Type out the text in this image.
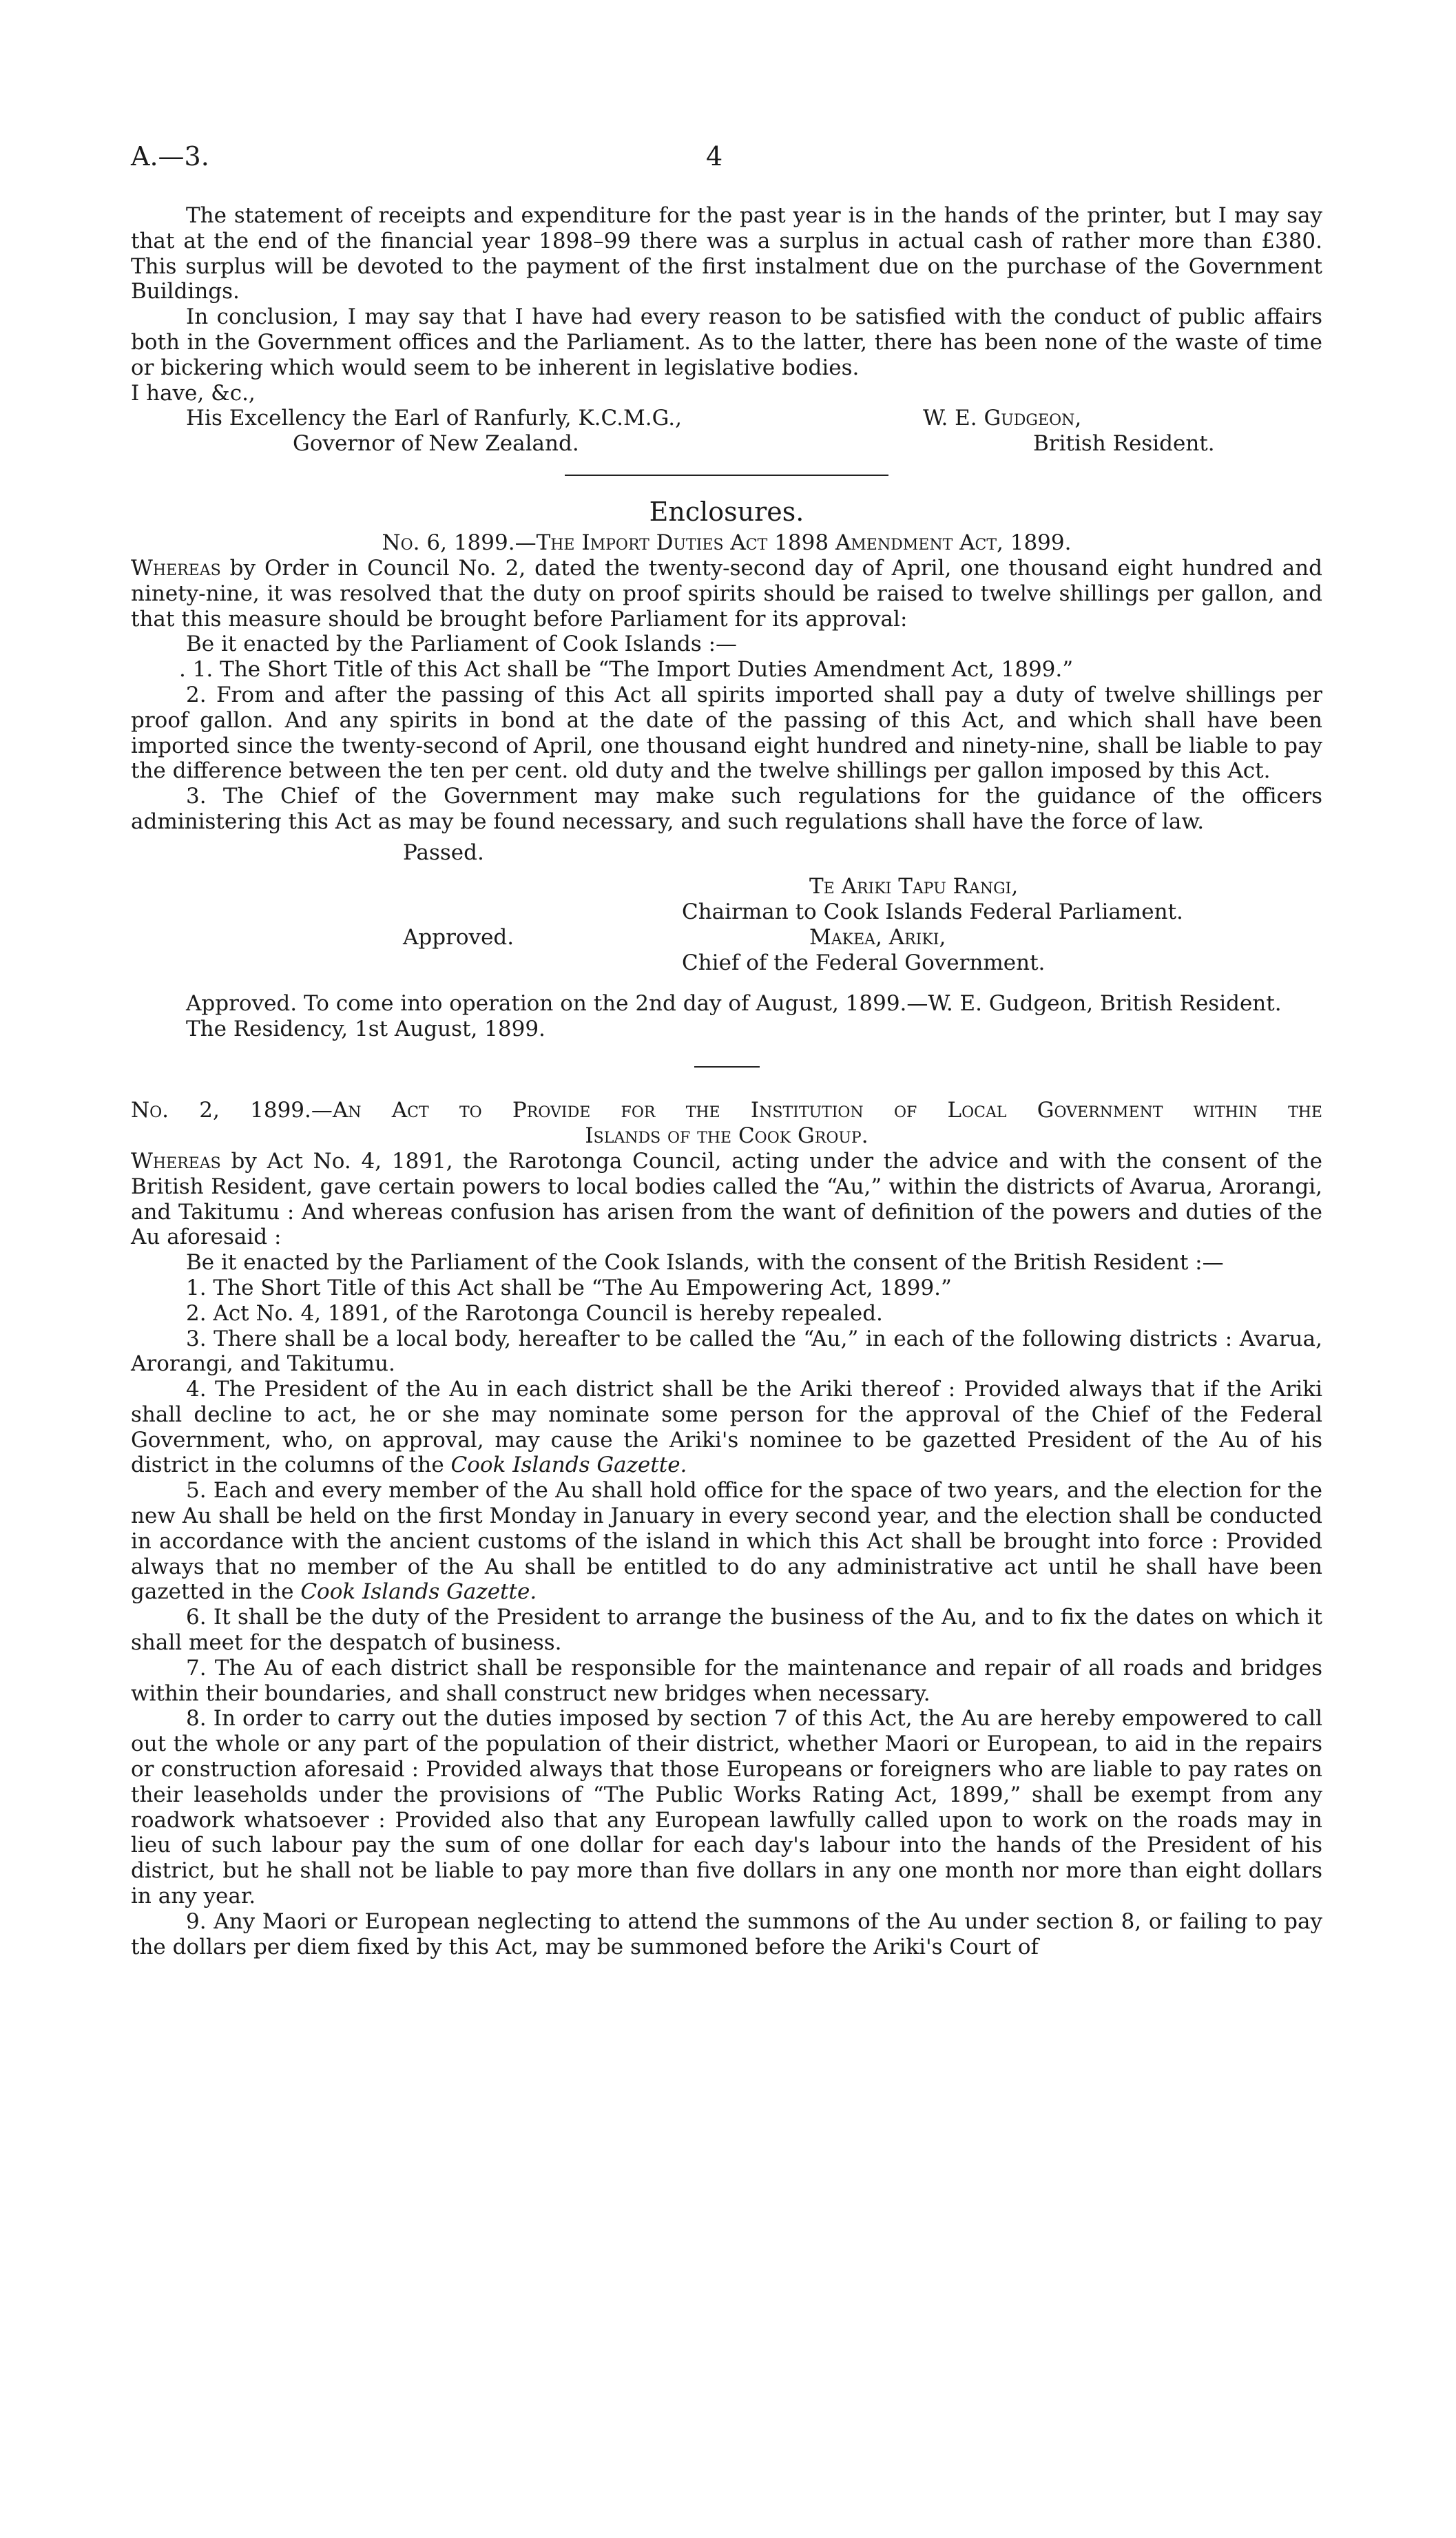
A.—3.	4

The statement of receipts and expenditure for the past year is in the hands of the printer, but I may say that at the end of the financial year 1898–99 there was a surplus in actual cash of rather more than £380. This surplus will be devoted to the payment of the first instalment due on the purchase of the Government Buildings.

In conclusion, I may say that I have had every reason to be satisfied with the conduct of public affairs both in the Government offices and the Parliament. As to the latter, there has been none of the waste of time or bickering which would seem to be inherent in legislative bodies.

I have, &c.,

His Excellency the Earl of Ranfurly, K.C.M.G.,	W. E. Gudgeon,
Governor of New Zealand.	British Resident.
Enclosures.

No. 6, 1899.—The Import Duties Act 1898 Amendment Act, 1899.

Whereas by Order in Council No. 2, dated the twenty-second day of April, one thousand eight hundred and ninety-nine, it was resolved that the duty on proof spirits should be raised to twelve shillings per gallon, and that this measure should be brought before Parliament for its approval:

Be it enacted by the Parliament of Cook Islands :—

. 1. The Short Title of this Act shall be “The Import Duties Amendment Act, 1899.”

2. From and after the passing of this Act all spirits imported shall pay a duty of twelve shillings per proof gallon. And any spirits in bond at the date of the passing of this Act, and which shall have been imported since the twenty-second of April, one thousand eight hundred and ninety-nine, shall be liable to pay the difference between the ten per cent. old duty and the twelve shillings per gallon imposed by this Act.

3. The Chief of the Government may make such regulations for the guidance of the officers administering this Act as may be found necessary, and such regulations shall have the force of law.

Passed.
Te Ariki Tapu Rangi,
Chairman to Cook Islands Federal Parliament.
Approved.	Makea, Ariki,
Chief of the Federal Government.

Approved. To come into operation on the 2nd day of August, 1899.—W. E. Gudgeon, British Resident.

The Residency, 1st August, 1899.

No. 2, 1899.—An Act to Provide for the Institution of Local Government within the

Islands of the Cook Group.

Whereas by Act No. 4, 1891, the Rarotonga Council, acting under the advice and with the consent of the British Resident, gave certain powers to local bodies called the “Au,” within the districts of Avarua, Arorangi, and Takitumu : And whereas confusion has arisen from the want of definition of the powers and duties of the Au aforesaid :

Be it enacted by the Parliament of the Cook Islands, with the consent of the British Resident :—

1. The Short Title of this Act shall be “The Au Empowering Act, 1899.”

2. Act No. 4, 1891, of the Rarotonga Council is hereby repealed.

3. There shall be a local body, hereafter to be called the “Au,” in each of the following districts : Avarua, Arorangi, and Takitumu.

4. The President of the Au in each district shall be the Ariki thereof : Provided always that if the Ariki shall decline to act, he or she may nominate some person for the approval of the Chief of the Federal Government, who, on approval, may cause the Ariki's nominee to be gazetted President of the Au of his district in the columns of the Cook Islands Gazette.

5. Each and every member of the Au shall hold office for the space of two years, and the election for the new Au shall be held on the first Monday in January in every second year, and the election shall be conducted in accordance with the ancient customs of the island in which this Act shall be brought into force : Provided always that no member of the Au shall be entitled to do any administrative act until he shall have been gazetted in the Cook Islands Gazette.

6. It shall be the duty of the President to arrange the business of the Au, and to fix the dates on which it shall meet for the despatch of business.

7. The Au of each district shall be responsible for the maintenance and repair of all roads and bridges within their boundaries, and shall construct new bridges when necessary.

8. In order to carry out the duties imposed by section 7 of this Act, the Au are hereby empowered to call out the whole or any part of the population of their district, whether Maori or European, to aid in the repairs or construction aforesaid : Provided always that those Europeans or foreigners who are liable to pay rates on their leaseholds under the provisions of “The Public Works Rating Act, 1899,” shall be exempt from any roadwork whatsoever : Provided also that any European lawfully called upon to work on the roads may in lieu of such labour pay the sum of one dollar for each day's labour into the hands of the President of his district, but he shall not be liable to pay more than five dollars in any one month nor more than eight dollars in any year.

9. Any Maori or European neglecting to attend the summons of the Au under section 8, or failing to pay the dollars per diem fixed by this Act, may be summoned before the Ariki's Court of
